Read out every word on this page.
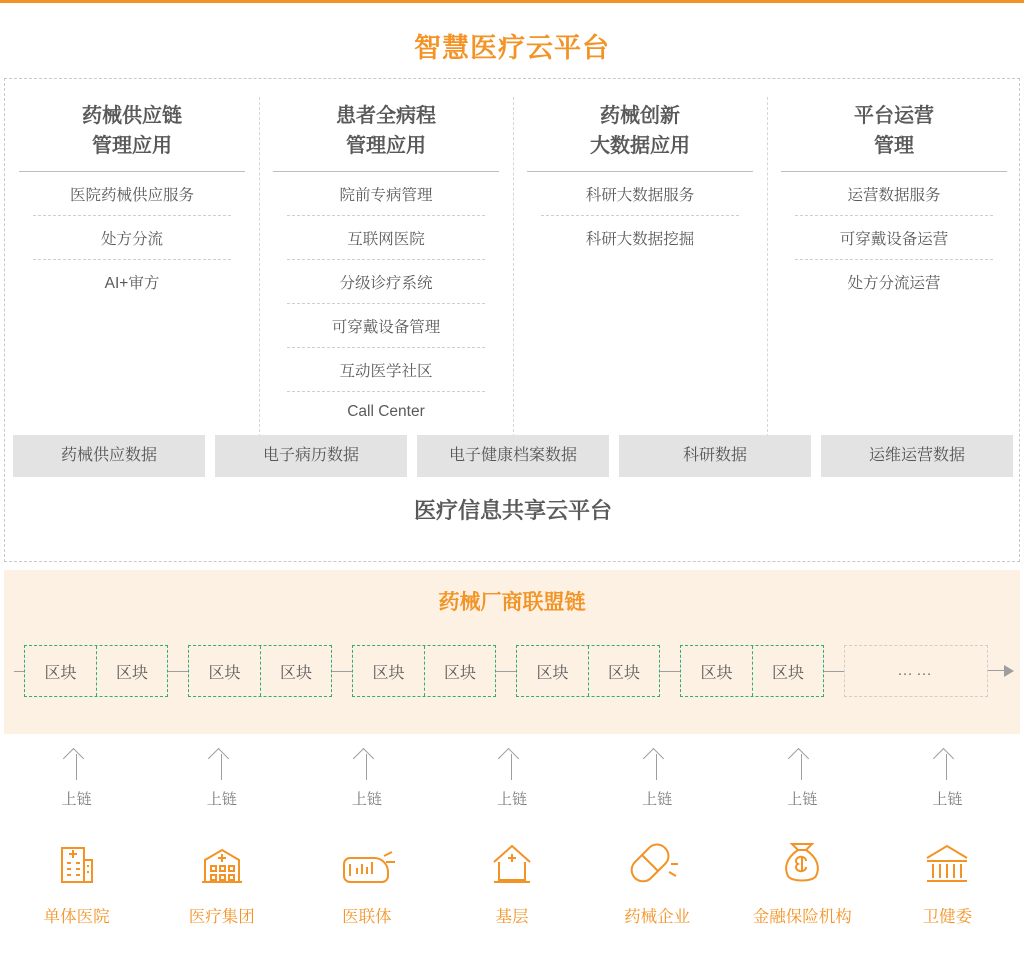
智慧医疗云平台
药械供应链
管理应用
医院药械供应服务
处方分流
AI+审方
患者全病程
管理应用
院前专病管理
互联网医院
分级诊疗系统
可穿戴设备管理
互动医学社区
Call Center
药械创新
大数据应用
科研大数据服务
科研大数据挖掘
平台运营
管理
运营数据服务
可穿戴设备运营
处方分流运营
药械供应数据	电子病历数据	电子健康档案数据	科研数据	运维运营数据
医疗信息共享云平台
药械厂商联盟链
区块	区块	区块	区块	区块	区块	区块	区块	区块	区块	……
上链
单体医院
上链
医疗集团
上链
医联体
上链
基层
上链
药械企业
上链
金融保险机构
上链
卫健委
